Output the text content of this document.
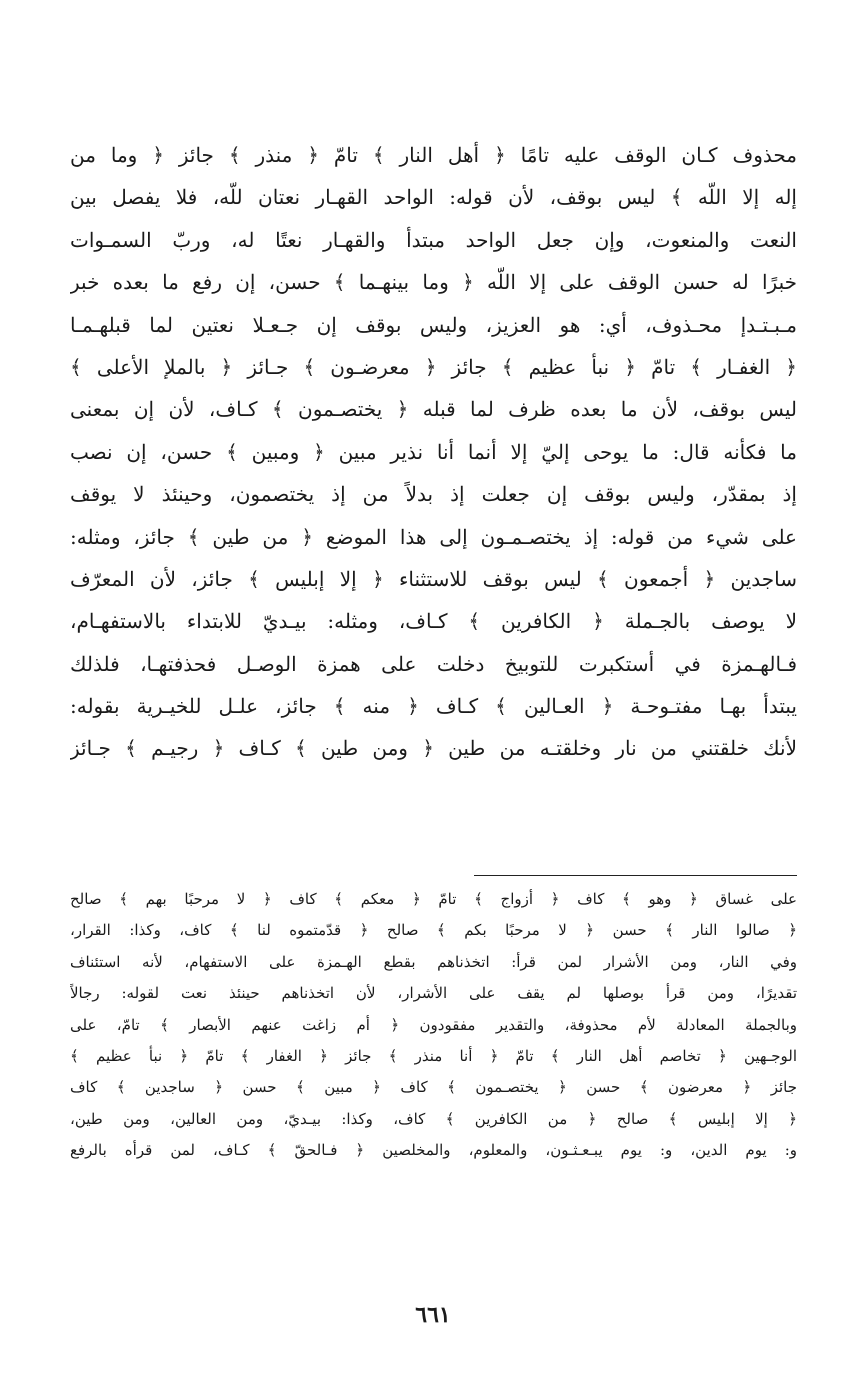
محذوف كـان الوقف عليه تامًا ﴿ أهل النار ﴾ تامّ ﴿ منذر ﴾ جائز ﴿ وما من
إله إلا اللّه ﴾ ليس بوقف، لأن قوله: الواحد القهـار نعتان للّه، فلا يفصل بين
النعت والمنعوت، وإن جعل الواحد مبتدأ والقهـار نعتًا له، وربّ السمـوات
خبرًا له حسن الوقف على إلا اللّه ﴿ وما بينهـما ﴾ حسن، إن رفع ما بعده خبر
مـبـتـدإ محـذوف، أي: هو العزيز، وليس بوقف إن جـعـلا نعتين لما قبلهـمـا
﴿ الغفـار ﴾ تامّ ﴿ نبأ عظيم ﴾ جائز ﴿ معرضـون ﴾ جـائز ﴿ بالملإ الأعلى ﴾
ليس بوقف، لأن ما بعده ظرف لما قبله ﴿ يختصـمون ﴾ كـاف، لأن إن بمعنى
ما فكأنه قال: ما يوحى إليّ إلا أنما أنا نذير مبين ﴿ ومبين ﴾ حسن، إن نصب
إذ بمقدّر، وليس بوقف إن جعلت إذ بدلاً من إذ يختصمون، وحينئذ لا يوقف
على شيء من قوله: إذ يختصـمـون إلى هذا الموضع ﴿ من طين ﴾ جائز، ومثله:
ساجدين ﴿ أجمعون ﴾ ليس بوقف للاستثناء ﴿ إلا إبليس ﴾ جائز، لأن المعرّف
لا يوصف بالجـملة ﴿ الكافرين ﴾ كـاف، ومثله: بيـديّ للابتداء بالاستفهـام،
فـالهـمزة في أستكبرت للتوبيخ دخلت على همزة الوصـل فحذفتهـا، فلذلك
يبتدأ بهـا مفتـوحـة ﴿ العـالين ﴾ كـاف ﴿ منه ﴾ جائز، علـل للخيـرية بقوله:
لأنك خلقتني من نار وخلقتـه من طين ﴿ ومن طين ﴾ كـاف ﴿ رجيـم ﴾ جـائز
على غساق ﴿ وهو ﴾ كاف ﴿ أزواج ﴾ تامّ ﴿ معكم ﴾ كاف ﴿ لا مرحبًا بهم ﴾ صالح
﴿ صالوا النار ﴾ حسن ﴿ لا مرحبًا بكم ﴾ صالح ﴿ قدّمتموه لنا ﴾ كاف، وكذا: القرار،
وفي النار، ومن الأشرار لمن قرأ: اتخذناهم بقطع الهـمزة على الاستفهام، لأنه استئناف
تقديرًا، ومن قرأ بوصلها لم يقف على الأشرار، لأن اتخذناهم حينئذ نعت لقوله: رجالاً
وبالجملة المعادلة لأم محذوفة، والتقدير مفقودون ﴿ أم زاغت عنهم الأبصار ﴾ تامّ، على
الوجـهين ﴿ تخاصم أهل النار ﴾ تامّ ﴿ أنا منذر ﴾ جائز ﴿ الغفار ﴾ تامّ ﴿ نبأ عظيم ﴾
جائز ﴿ معرضون ﴾ حسن ﴿ يختصـمون ﴾ كاف ﴿ مبين ﴾ حسن ﴿ ساجدين ﴾ كاف
﴿ إلا إبليس ﴾ صالح ﴿ من الكافرين ﴾ كاف، وكذا: بيـديّ، ومن العالين، ومن طين،
و: يوم الدين، و: يوم يبـعـثـون، والمعلوم، والمخلصين ﴿ فـالحقّ ﴾ كـاف، لمن قرأه بالرفع
٦٦١
